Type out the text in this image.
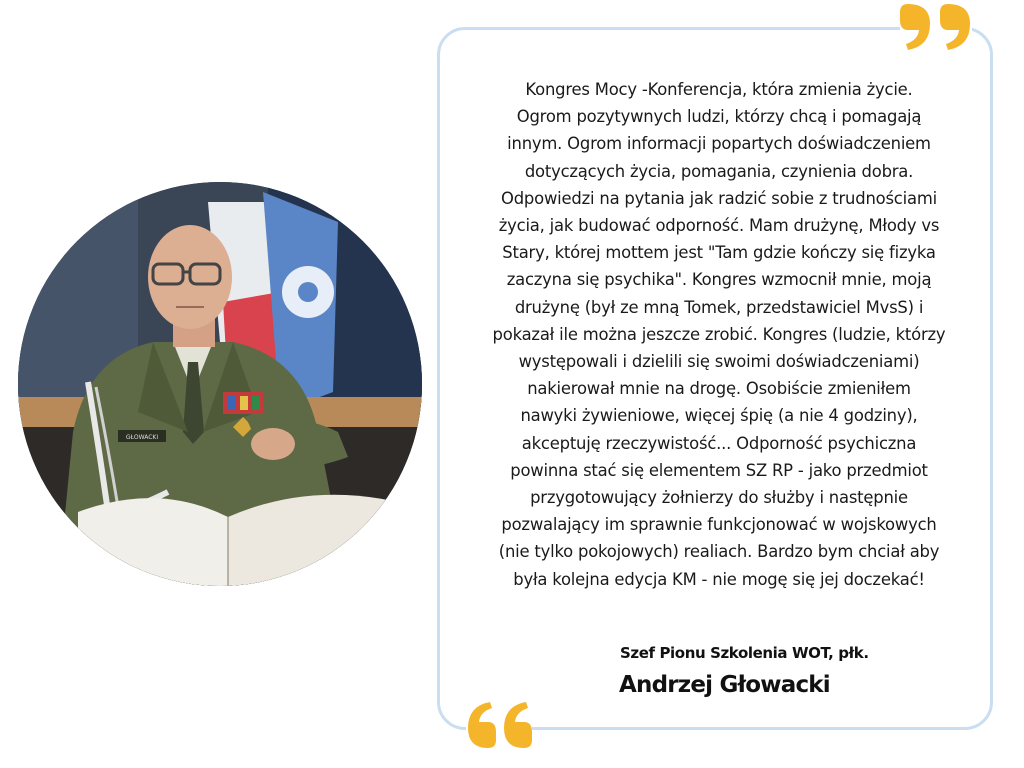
GŁOWACKI
Kongres Mocy -Konferencja, która zmienia życie.
Ogrom pozytywnych ludzi, którzy chcą i pomagają
innym. Ogrom informacji popartych doświadczeniem
dotyczących życia, pomagania, czynienia dobra.
Odpowiedzi na pytania jak radzić sobie z trudnościami
życia, jak budować odporność. Mam drużynę, Młody vs
Stary, której mottem jest "Tam gdzie kończy się fizyka
zaczyna się psychika". Kongres wzmocnił mnie, moją
drużynę (był ze mną Tomek, przedstawiciel MvsS) i
pokazał ile można jeszcze zrobić. Kongres (ludzie, którzy
występowali i dzielili się swoimi doświadczeniami)
nakierował mnie na drogę. Osobiście zmieniłem
nawyki żywieniowe, więcej śpię (a nie 4 godziny),
akceptuję rzeczywistość... Odporność psychiczna
powinna stać się elementem SZ RP - jako przedmiot
przygotowujący żołnierzy do służby i następnie
pozwalający im sprawnie funkcjonować w wojskowych
(nie tylko pokojowych) realiach. Bardzo bym chciał aby
była kolejna edycja KM - nie mogę się jej doczekać!
Szef Pionu Szkolenia WOT, płk.
Andrzej Głowacki
